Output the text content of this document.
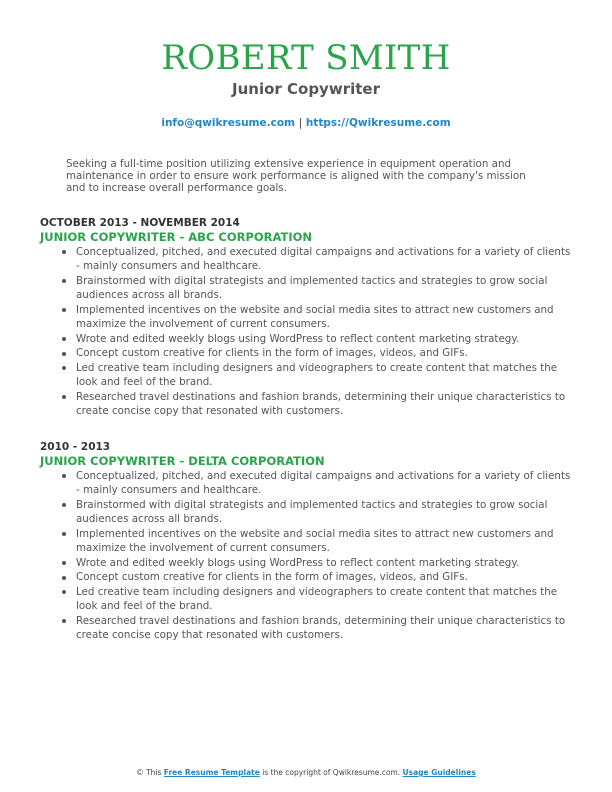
ROBERT SMITH
Junior Copywriter
info@qwikresume.com | https://Qwikresume.com
Seeking a full-time position utilizing extensive experience in equipment operation and maintenance in order to ensure work performance is aligned with the company's mission and to increase overall performance goals.
OCTOBER 2013 - NOVEMBER 2014
JUNIOR COPYWRITER - ABC CORPORATION
Conceptualized, pitched, and executed digital campaigns and activations for a variety of clients - mainly consumers and healthcare.
Brainstormed with digital strategists and implemented tactics and strategies to grow social audiences across all brands.
Implemented incentives on the website and social media sites to attract new customers and maximize the involvement of current consumers.
Wrote and edited weekly blogs using WordPress to reflect content marketing strategy.
Concept custom creative for clients in the form of images, videos, and GIFs.
Led creative team including designers and videographers to create content that matches the look and feel of the brand.
Researched travel destinations and fashion brands, determining their unique characteristics to create concise copy that resonated with customers.
2010 - 2013
JUNIOR COPYWRITER - DELTA CORPORATION
Conceptualized, pitched, and executed digital campaigns and activations for a variety of clients - mainly consumers and healthcare.
Brainstormed with digital strategists and implemented tactics and strategies to grow social audiences across all brands.
Implemented incentives on the website and social media sites to attract new customers and maximize the involvement of current consumers.
Wrote and edited weekly blogs using WordPress to reflect content marketing strategy.
Concept custom creative for clients in the form of images, videos, and GIFs.
Led creative team including designers and videographers to create content that matches the look and feel of the brand.
Researched travel destinations and fashion brands, determining their unique characteristics to create concise copy that resonated with customers.
© This Free Resume Template is the copyright of Qwikresume.com. Usage Guidelines
